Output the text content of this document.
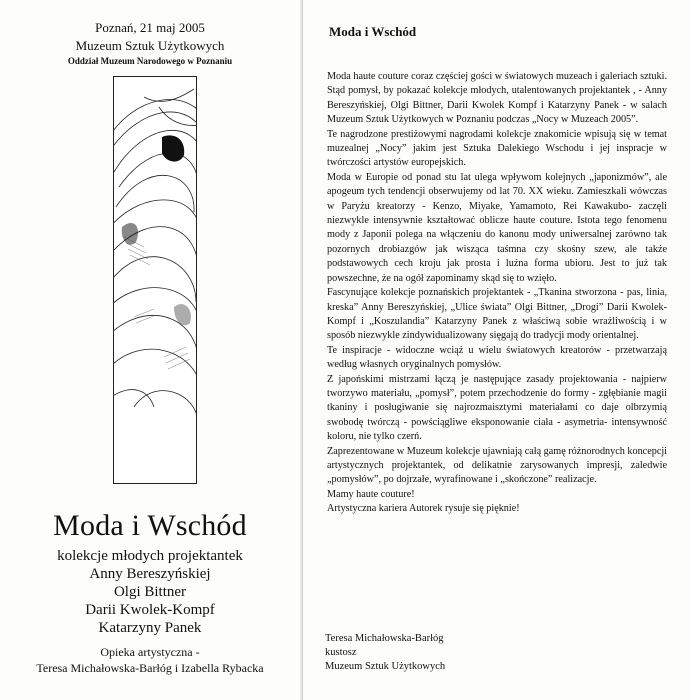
Poznań, 21 maj 2005
Muzeum Sztuk Użytkowych
Oddział Muzeum Narodowego w Poznaniu
Moda i Wschód
kolekcje młodych projektantek
Anny Bereszyńskiej
Olgi Bittner
Darii Kwolek-Kompf
Katarzyny Panek
Opieka artystyczna -
Teresa Michałowska-Barłóg i Izabella Rybacka
Moda i Wschód

Moda haute couture coraz częściej gości w światowych muzeach i galeriach sztuki. Stąd pomysł, by pokazać kolekcje młodych, utalentowanych projektantek , - Anny Bereszyńskiej, Olgi Bittner, Darii Kwolek Kompf i Katarzyny Panek - w salach Muzeum Sztuk Użytkowych w Poznaniu podczas „Nocy w Muzeach 2005”.

Te nagrodzone prestiżowymi nagrodami kolekcje znakomicie wpisują się w temat muzealnej „Nocy” jakim jest Sztuka Dalekiego Wschodu i jej inspracje w twórczości artystów europejskich.

Moda w Europie od ponad stu lat ulega wpływom kolejnych „japonizmów”, ale apogeum tych tendencji obserwujemy od lat 70. XX wieku. Zamieszkali wówczas w Paryżu kreatorzy - Kenzo, Miyake, Yamamoto, Rei Kawakubo- zaczęli niezwykle intensywnie kształtować oblicze haute couture. Istota tego fenomenu mody z Japonii polega na włączeniu do kanonu mody uniwersalnej zarówno tak pozornych drobiazgów jak wisząca taśmna czy skośny szew, ale także podstawowych cech kroju jak prosta i luźna forma ubioru. Jest to już tak powszechne, że na ogół zapominamy skąd się to wzięło.

Fascynujące kolekcje poznańskich projektantek - „Tkanina stworzona - pas, linia, kreska” Anny Bereszyńskiej, „Ulice świata” Olgi Bittner, „Drogi” Darii Kwolek-Kompf i „Koszulandia” Katarzyny Panek z właściwą sobie wrażliwością i w sposób niezwykle zindywidualizowany sięgają do tradycji mody orientalnej.

Te inspiracje - widoczne wciąż u wielu światowych kreatorów - przetwarzają według własnych oryginalnych pomysłów.

Z japońskimi mistrzami łączą je następujące zasady projektowania - najpierw tworzywo materiału, „pomysł”, potem przechodzenie do formy - zgłębianie magii tkaniny i posługiwanie się najrozmaisztymi materiałami co daje olbrzymią swobodę twórczą - powściągliwe eksponowanie ciała - asymetria- intensywność koloru, nie tylko czerń.

Zaprezentowane w Muzeum kolekcje ujawniają całą gamę różnorodnych koncepcji artystycznych projektantek, od delikatnie zarysowanych impresji, zaledwie „pomysłów”, po dojrzałe, wyrafinowane i „skończone” realizacje.

Mamy haute couture!

Artystyczna kariera Autorek rysuje się pięknie!

Teresa Michałowska-Barłóg
kustosz
Muzeum Sztuk Użytkowych
